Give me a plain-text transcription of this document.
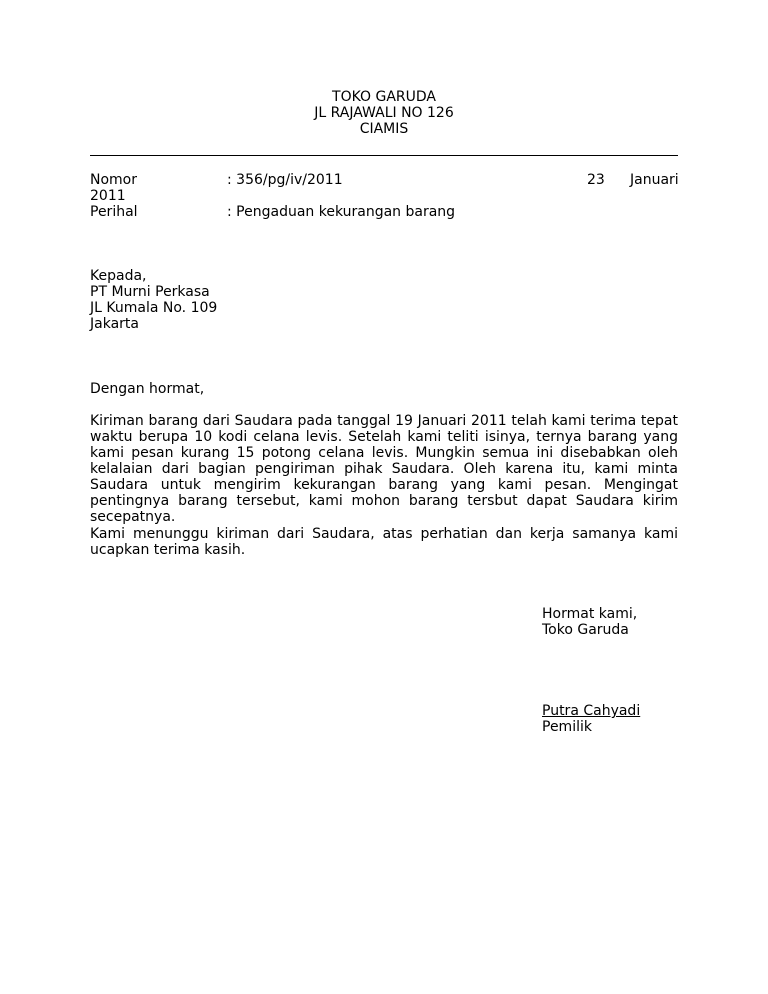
TOKO GARUDA
JL RAJAWALI NO 126
CIAMIS
Nomor	: 356/pg/iv/2011	23 Januari
2011
Perihal	: Pengaduan kekurangan barang
Kepada,
PT Murni Perkasa
JL Kumala No. 109
Jakarta
Dengan hormat,

Kiriman barang dari Saudara pada tanggal 19 Januari 2011 telah kami terima tepat waktu berupa 10 kodi celana levis. Setelah kami teliti isinya, ternya barang yang kami pesan kurang 15 potong celana levis. Mungkin semua ini disebabkan oleh kelalaian dari bagian pengiriman pihak Saudara. Oleh karena itu, kami minta Saudara untuk mengirim kekurangan barang yang kami pesan. Mengingat pentingnya barang tersebut, kami mohon barang tersbut dapat Saudara kirim secepatnya.

Kami menunggu kiriman dari Saudara, atas perhatian dan kerja samanya kami ucapkan terima kasih.

Hormat kami,
Toko Garuda
Putra Cahyadi
Pemilik
